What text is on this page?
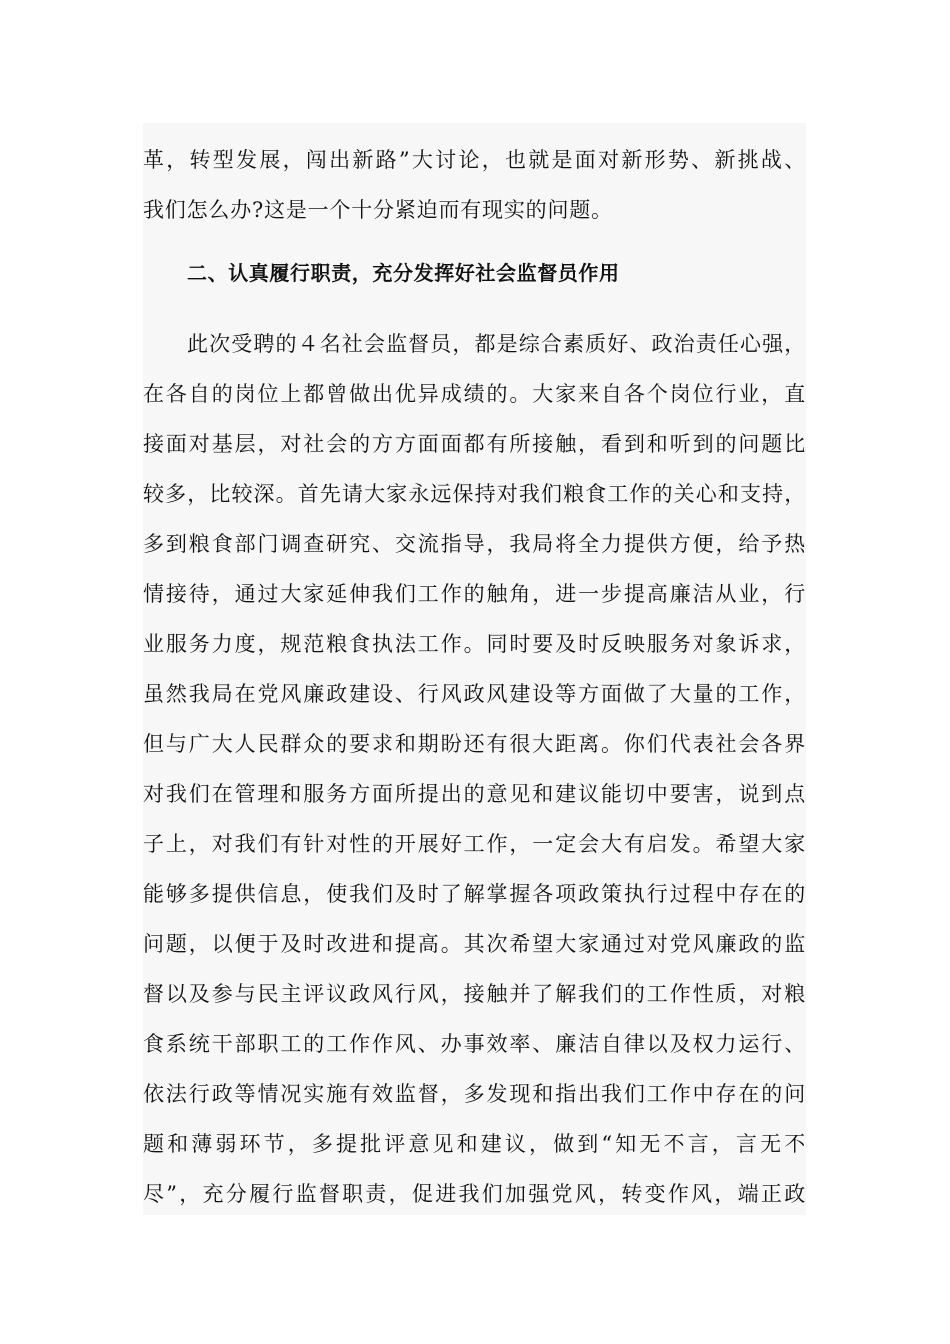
革，转型发展，闯出新路”大讨论，也就是面对新形势、新挑战、
我们怎么办?这是一个十分紧迫而有现实的问题。
二、认真履行职责，充分发挥好社会监督员作用
此次受聘的４名社会监督员，都是综合素质好、政治责任心强，
在各自的岗位上都曾做出优异成绩的。大家来自各个岗位行业，直
接面对基层，对社会的方方面面都有所接触，看到和听到的问题比
较多，比较深。首先请大家永远保持对我们粮食工作的关心和支持，
多到粮食部门调查研究、交流指导，我局将全力提供方便，给予热
情接待，通过大家延伸我们工作的触角，进一步提高廉洁从业，行
业服务力度，规范粮食执法工作。同时要及时反映服务对象诉求，
虽然我局在党风廉政建设、行风政风建设等方面做了大量的工作，
但与广大人民群众的要求和期盼还有很大距离。你们代表社会各界
对我们在管理和服务方面所提出的意见和建议能切中要害，说到点
子上，对我们有针对性的开展好工作，一定会大有启发。希望大家
能够多提供信息，使我们及时了解掌握各项政策执行过程中存在的
问题，以便于及时改进和提高。其次希望大家通过对党风廉政的监
督以及参与民主评议政风行风，接触并了解我们的工作性质，对粮
食系统干部职工的工作作风、办事效率、廉洁自律以及权力运行、
依法行政等情况实施有效监督，多发现和指出我们工作中存在的问
题和薄弱环节，多提批评意见和建议，做到“知无不言，言无不
尽”，充分履行监督职责，促进我们加强党风，转变作风，端正政
